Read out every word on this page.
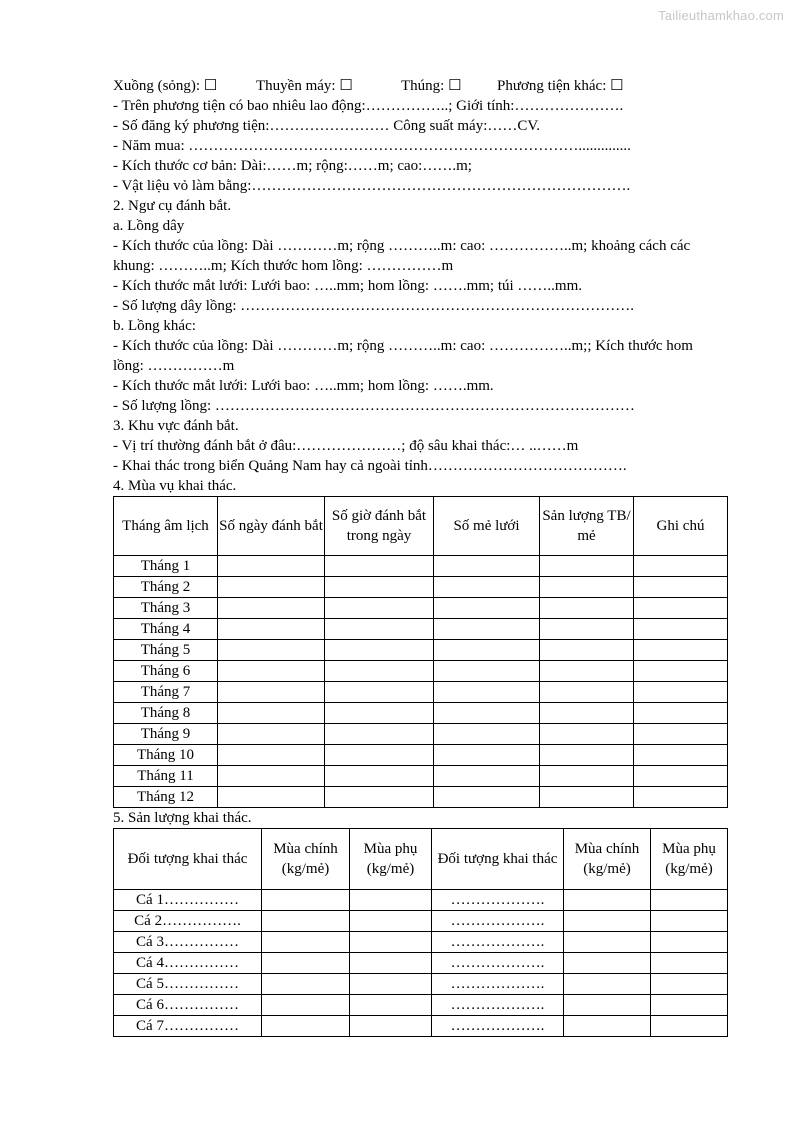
Tailieuthamkhao.com
Xuồng (sỏng): ☐	Thuyền máy: ☐	Thúng: ☐	Phương tiện khác: ☐
- Trên phương tiện có bao nhiêu lao động:……………..; Giới tính:………………….
- Số đăng ký phương tiện:…………………… Công suất máy:……CV.
- Năm mua: ……………………………………………………………………..............
- Kích thước cơ bản: Dài:……m; rộng:……m; cao:…….m;
- Vật liệu vỏ làm bằng:………………………………………………………………….
2. Ngư cụ đánh bắt.
a. Lồng dây
- Kích thước của lồng: Dài …………m; rộng ………..m: cao: ……………..m; khoảng cách các khung: ………..m; Kích thước hom lồng: ……………m
- Kích thước mắt lưới: Lưới bao: …..mm; hom lồng: …….mm; túi ……..mm.
- Số lượng dây lồng: …………………………………………………………………….
b. Lồng khác:
- Kích thước của lồng: Dài …………m; rộng ………..m: cao: ……………..m;; Kích thước hom lồng: ……………m
- Kích thước mắt lưới: Lưới bao: …..mm; hom lồng: …….mm.
- Số lượng lồng: …………………………………………………………………………
3. Khu vực đánh bắt.
- Vị trí thường đánh bắt ở đâu:…………………; độ sâu khai thác:… ..……m
- Khai thác trong biển Quảng Nam hay cả ngoài tỉnh………………………………….
4. Mùa vụ khai thác.
Tháng âm lịch	Số ngày đánh bắt	Số giờ đánh bắt trong ngày	Số mẻ lưới	Sản lượng TB/ mẻ	Ghi chú
Tháng 1					
Tháng 2					
Tháng 3					
Tháng 4					
Tháng 5					
Tháng 6					
Tháng 7					
Tháng 8					
Tháng 9					
Tháng 10					
Tháng 11					
Tháng 12					
5. Sản lượng khai thác.
Đối tượng khai thác	Mùa chính (kg/mẻ)	Mùa phụ (kg/mẻ)	Đối tượng khai thác	Mùa chính (kg/mẻ)	Mùa phụ (kg/mẻ)
Cá 1……………			……………….		
Cá 2…………….			……………….		
Cá 3……………			……………….		
Cá 4……………			……………….		
Cá 5……………			……………….		
Cá 6……………			……………….		
Cá 7……………			……………….		
